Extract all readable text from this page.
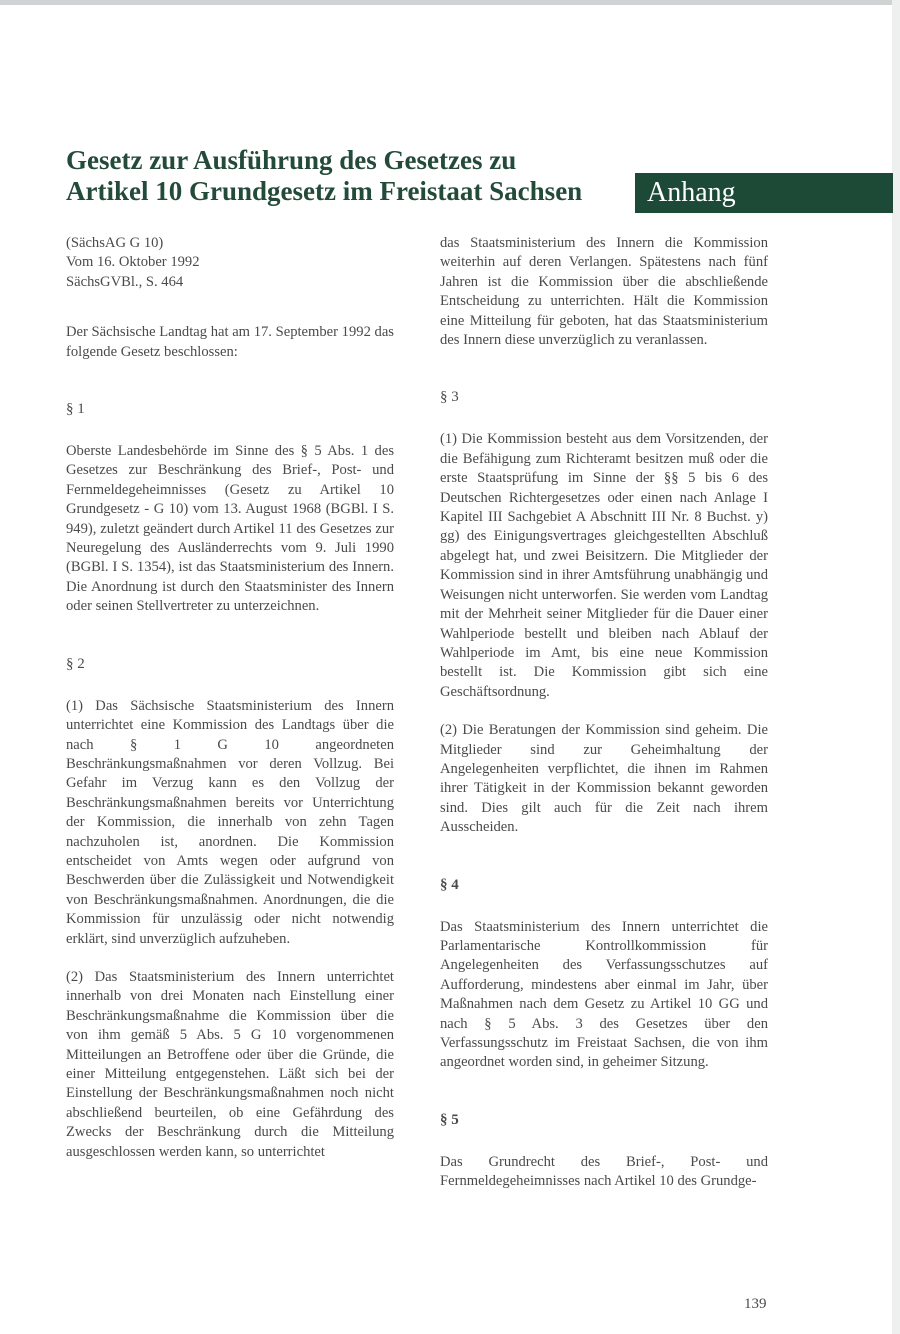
Gesetz zur Ausführung des Gesetzes zu
Artikel 10 Grundgesetz im Freistaat Sachsen	Anhang

(SächsAG G 10)

Vom 16. Oktober 1992

SächsGVBl., S. 464

Der Sächsische Landtag hat am 17. September 1992 das folgende Gesetz beschlossen:

§ 1

Oberste Landesbehörde im Sinne des § 5 Abs. 1 des Gesetzes zur Beschränkung des Brief-, Post- und Fernmeldegeheimnisses (Gesetz zu Artikel 10 Grundgesetz - G 10) vom 13. August 1968 (BGBl. I S. 949), zuletzt geändert durch Artikel 11 des Gesetzes zur Neuregelung des Ausländerrechts vom 9. Juli 1990 (BGBl. I S. 1354), ist das Staatsministerium des Innern. Die Anordnung ist durch den Staatsminister des Innern oder seinen Stellvertreter zu unterzeichnen.

§ 2

(1) Das Sächsische Staatsministerium des Innern unterrichtet eine Kommission des Landtags über die nach § 1 G 10 angeordneten Beschränkungsmaßnahmen vor deren Vollzug. Bei Gefahr im Verzug kann es den Vollzug der Beschränkungsmaßnahmen bereits vor Unterrichtung der Kommission, die innerhalb von zehn Tagen nachzuholen ist, anordnen. Die Kommission entscheidet von Amts wegen oder aufgrund von Beschwerden über die Zulässigkeit und Notwendigkeit von Beschränkungsmaßnahmen. Anordnungen, die die Kommission für unzulässig oder nicht notwendig erklärt, sind unverzüglich aufzuheben.

(2) Das Staatsministerium des Innern unterrichtet innerhalb von drei Monaten nach Einstellung einer Beschränkungsmaßnahme die Kommission über die von ihm gemäß 5 Abs. 5 G 10 vorgenommenen Mitteilungen an Betroffene oder über die Gründe, die einer Mitteilung entgegenstehen. Läßt sich bei der Einstellung der Beschränkungsmaßnahmen noch nicht abschließend beurteilen, ob eine Gefährdung des Zwecks der Beschränkung durch die Mitteilung ausgeschlossen werden kann, so unterrichtet

das Staatsministerium des Innern die Kommission weiterhin auf deren Verlangen. Spätestens nach fünf Jahren ist die Kommission über die abschließende Entscheidung zu unterrichten. Hält die Kommission eine Mitteilung für geboten, hat das Staatsministerium des Innern diese unverzüglich zu veranlassen.

§ 3

(1) Die Kommission besteht aus dem Vorsitzenden, der die Befähigung zum Richteramt besitzen muß oder die erste Staatsprüfung im Sinne der §§ 5 bis 6 des Deutschen Richtergesetzes oder einen nach Anlage I Kapitel III Sachgebiet A Abschnitt III Nr. 8 Buchst. y) gg) des Einigungsvertrages gleichgestellten Abschluß abgelegt hat, und zwei Beisitzern. Die Mitglieder der Kommission sind in ihrer Amtsführung unabhängig und Weisungen nicht unterworfen. Sie werden vom Landtag mit der Mehrheit seiner Mitglieder für die Dauer einer Wahlperiode bestellt und bleiben nach Ablauf der Wahlperiode im Amt, bis eine neue Kommission bestellt ist. Die Kommission gibt sich eine Geschäftsordnung.

(2) Die Beratungen der Kommission sind geheim. Die Mitglieder sind zur Geheimhaltung der Angelegenheiten verpflichtet, die ihnen im Rahmen ihrer Tätigkeit in der Kommission bekannt geworden sind. Dies gilt auch für die Zeit nach ihrem Ausscheiden.

§ 4

Das Staatsministerium des Innern unterrichtet die Parlamentarische Kontrollkommission für Angelegenheiten des Verfassungsschutzes auf Aufforderung, mindestens aber einmal im Jahr, über Maßnahmen nach dem Gesetz zu Artikel 10 GG und nach § 5 Abs. 3 des Gesetzes über den Verfassungsschutz im Freistaat Sachsen, die von ihm angeordnet worden sind, in geheimer Sitzung.

§ 5

Das Grundrecht des Brief-, Post- und Fernmeldegeheimnisses nach Artikel 10 des Grundge-

139
